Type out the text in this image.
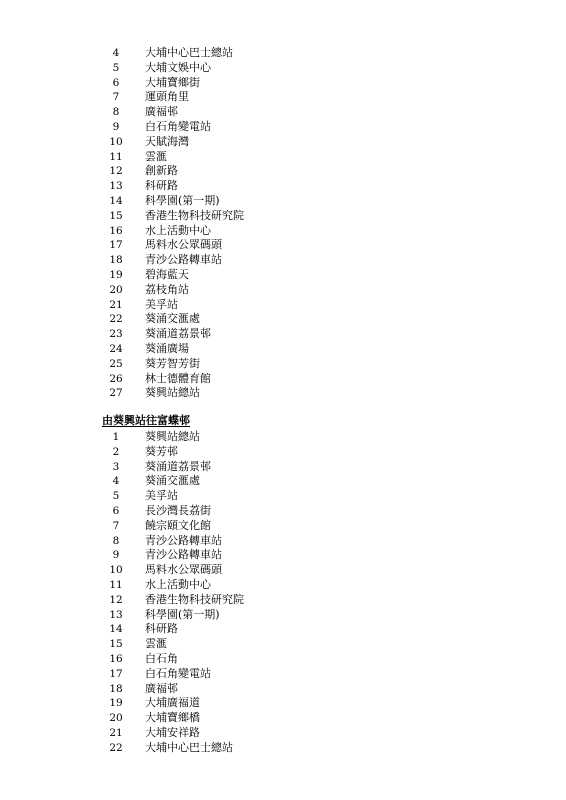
4	大埔中心巴士總站
5	大埔文娛中心
6	大埔寶鄉街
7	運頭角里
8	廣福邨
9	白石角變電站
10	天賦海灣
11	雲滙
12	創新路
13	科研路
14	科學園(第一期)
15	香港生物科技研究院
16	水上活動中心
17	馬料水公眾碼頭
18	青沙公路轉車站
19	碧海藍天
20	荔枝角站
21	美孚站
22	葵涌交滙處
23	葵涌道荔景邨
24	葵涌廣場
25	葵芳智芳街
26	林士德體育館
27	葵興站總站
由葵興站往富蝶邨
1	葵興站總站
2	葵芳邨
3	葵涌道荔景邨
4	葵涌交滙處
5	美孚站
6	長沙灣長荔街
7	饒宗頤文化館
8	青沙公路轉車站
9	青沙公路轉車站
10	馬料水公眾碼頭
11	水上活動中心
12	香港生物科技研究院
13	科學園(第一期)
14	科研路
15	雲滙
16	白石角
17	白石角變電站
18	廣福邨
19	大埔廣福道
20	大埔寶鄉橋
21	大埔安祥路
22	大埔中心巴士總站
